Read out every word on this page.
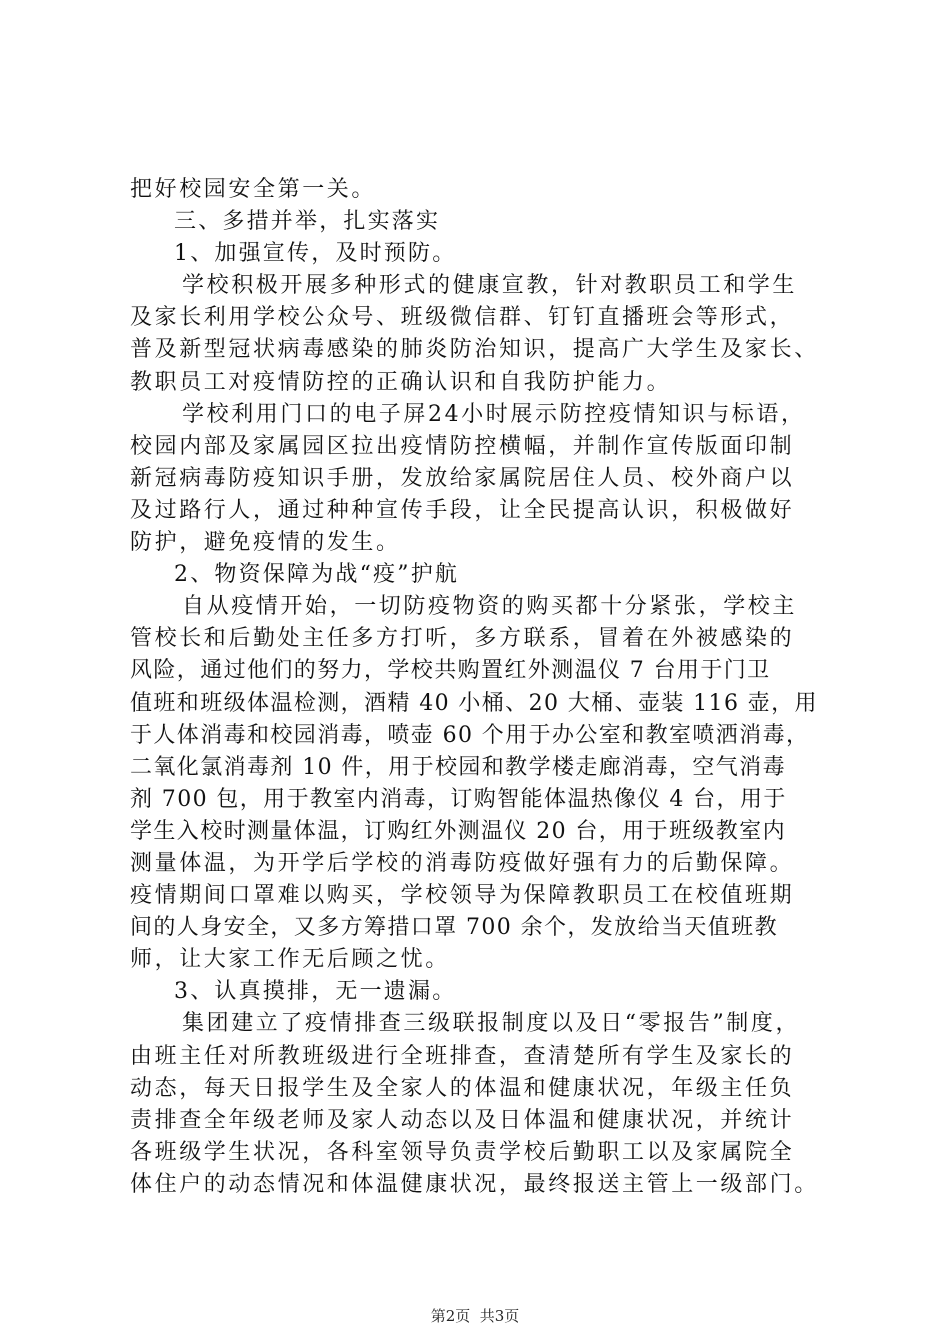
把好校园安全第一关。
三、多措并举，扎实落实
1、加强宣传，及时预防。
学校积极开展多种形式的健康宣教，针对教职员工和学生
及家长利用学校公众号、班级微信群、钉钉直播班会等形式，
普及新型冠状病毒感染的肺炎防治知识，提高广大学生及家长、
教职员工对疫情防控的正确认识和自我防护能力。
学校利用门口的电子屏24小时展示防控疫情知识与标语，
校园内部及家属园区拉出疫情防控横幅，并制作宣传版面印制
新冠病毒防疫知识手册，发放给家属院居住人员、校外商户以
及过路行人，通过种种宣传手段，让全民提高认识，积极做好
防护，避免疫情的发生。
2、物资保障为战“疫”护航
自从疫情开始，一切防疫物资的购买都十分紧张，学校主
管校长和后勤处主任多方打听，多方联系，冒着在外被感染的
风险，通过他们的努力，学校共购置红外测温仪 7 台用于门卫
值班和班级体温检测，酒精 40 小桶、20 大桶、壶装 116 壶，用
于人体消毒和校园消毒，喷壶 60 个用于办公室和教室喷洒消毒，
二氧化氯消毒剂 10 件，用于校园和教学楼走廊消毒，空气消毒
剂 700 包，用于教室内消毒，订购智能体温热像仪 4 台，用于
学生入校时测量体温，订购红外测温仪 20 台，用于班级教室内
测量体温，为开学后学校的消毒防疫做好强有力的后勤保障。
疫情期间口罩难以购买，学校领导为保障教职员工在校值班期
间的人身安全，又多方筹措口罩 700 余个，发放给当天值班教
师，让大家工作无后顾之忧。
3、认真摸排，无一遗漏。
集团建立了疫情排查三级联报制度以及日“零报告”制度，
由班主任对所教班级进行全班排查，查清楚所有学生及家长的
动态，每天日报学生及全家人的体温和健康状况，年级主任负
责排查全年级老师及家人动态以及日体温和健康状况，并统计
各班级学生状况，各科室领导负责学校后勤职工以及家属院全
体住户的动态情况和体温健康状况，最终报送主管上一级部门。
第2页  共3页
